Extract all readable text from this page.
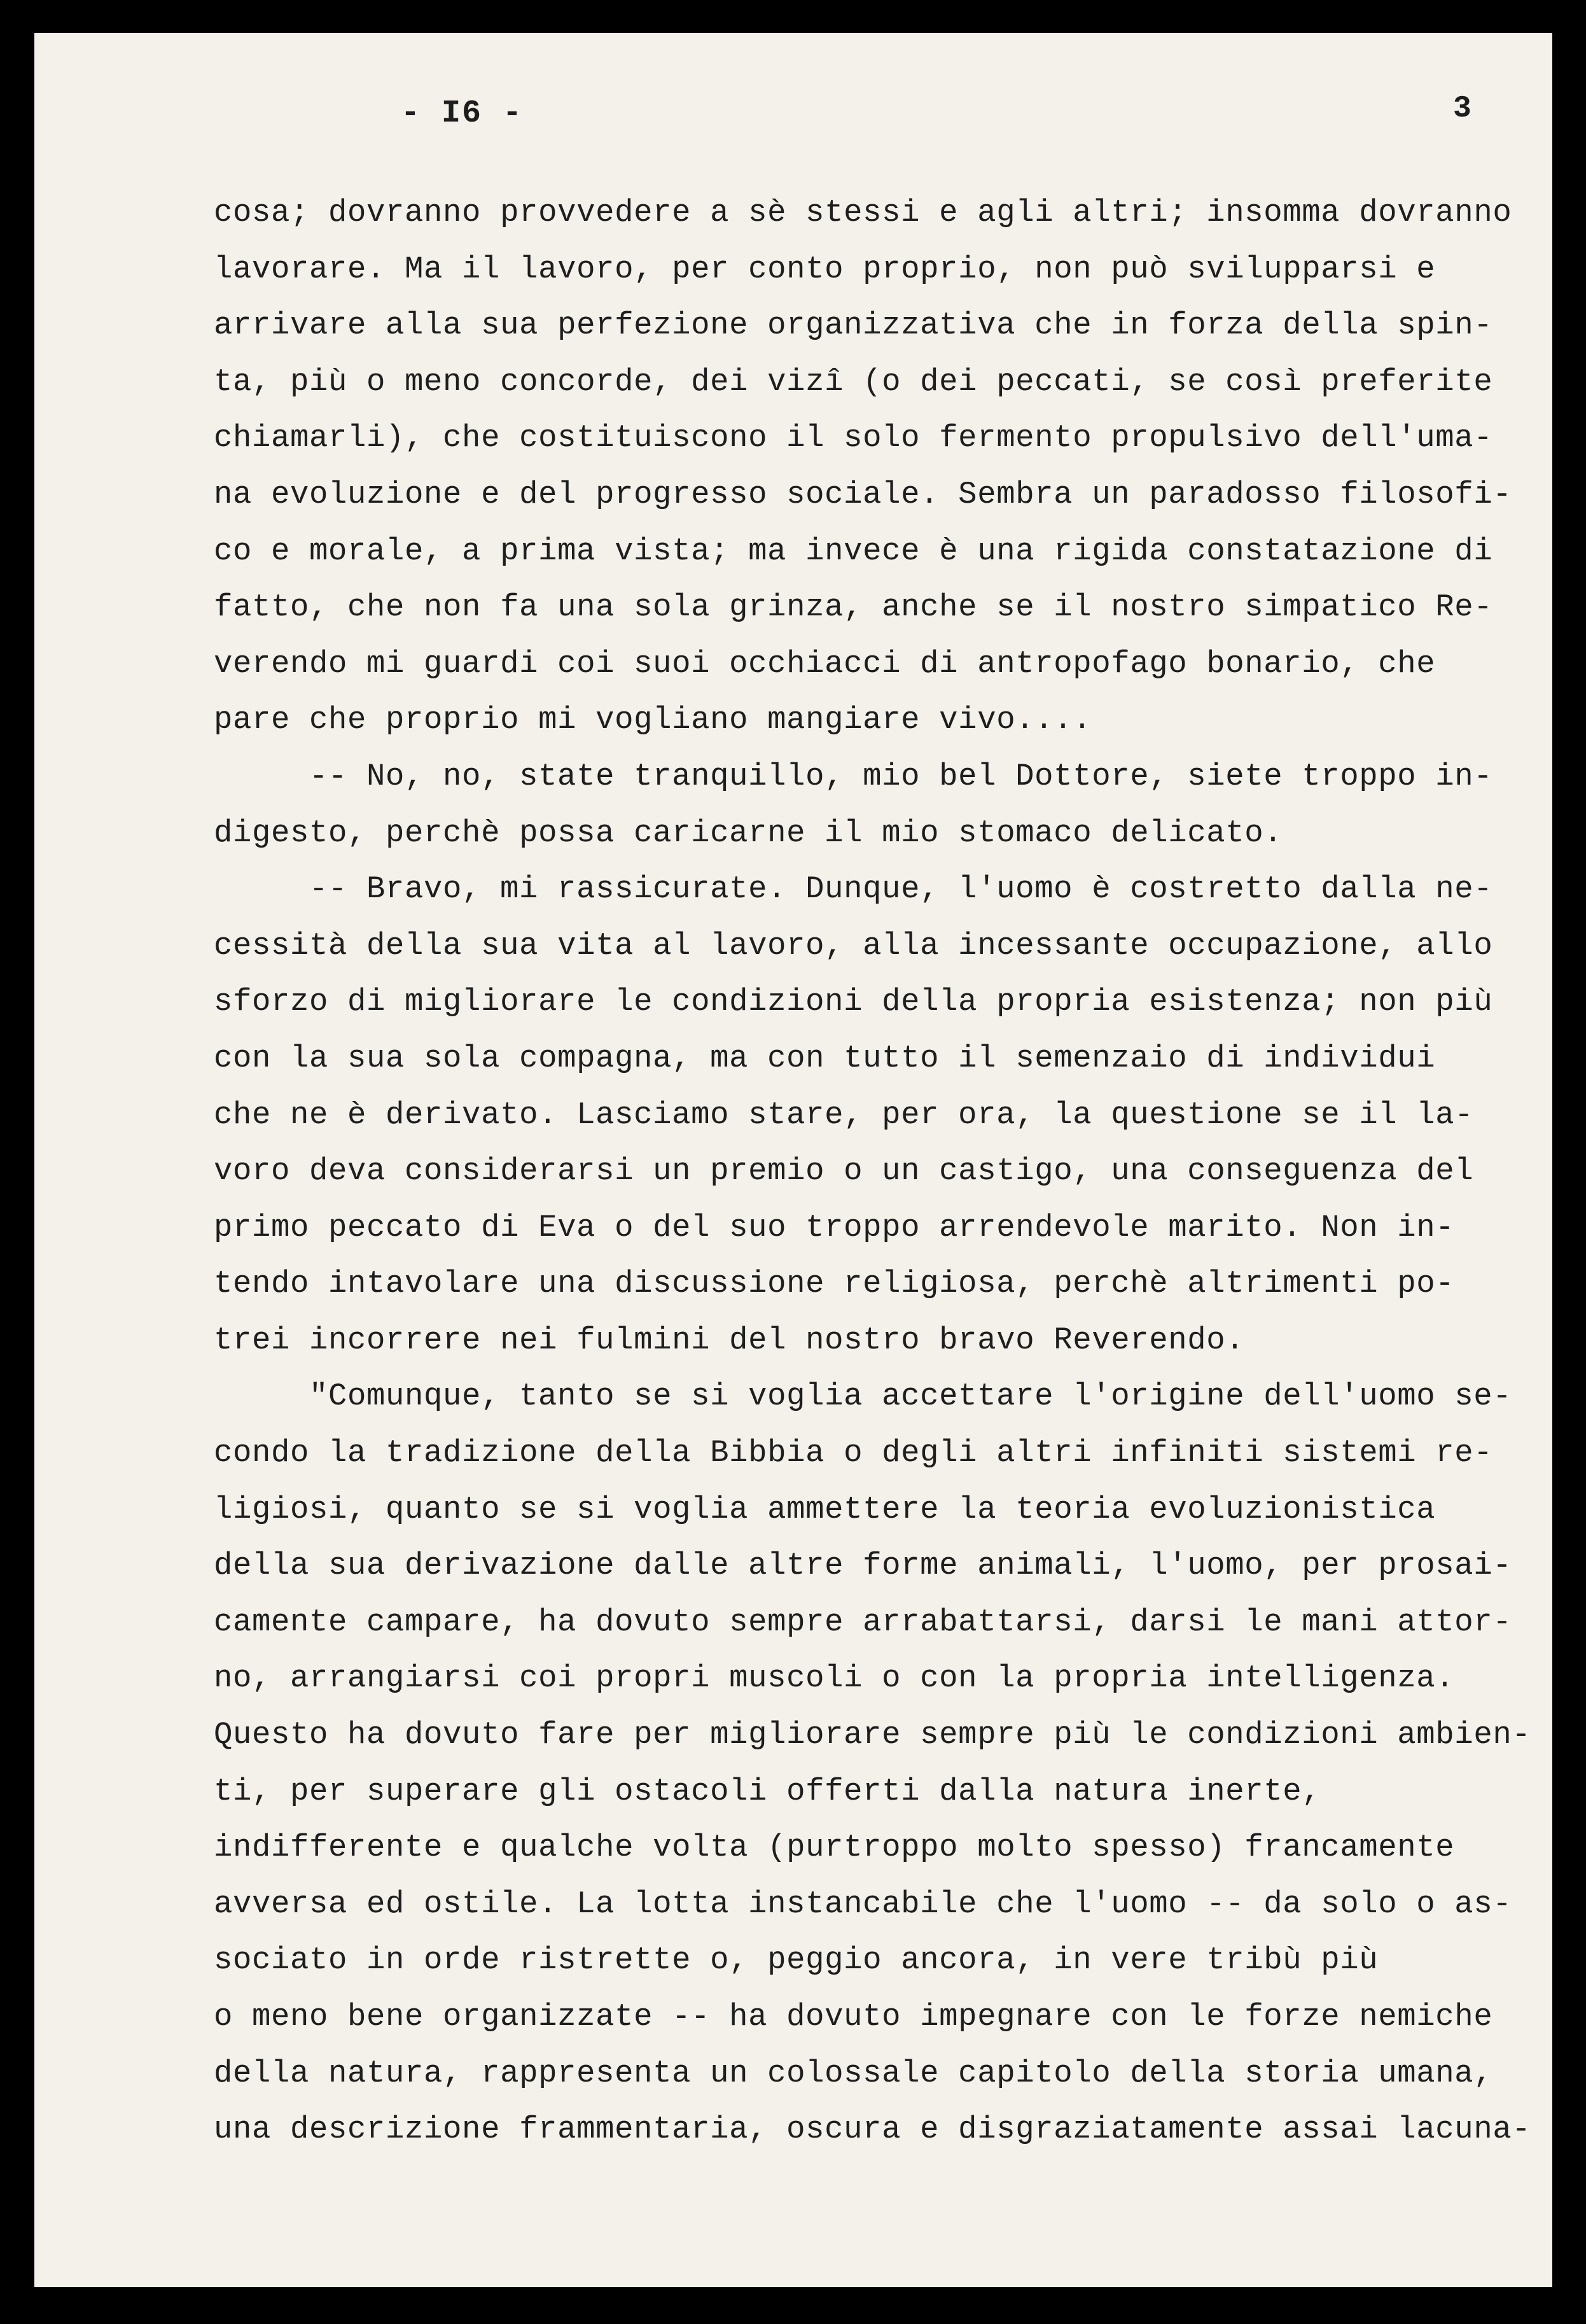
- I6 -	3
cosa; dovranno provvedere a sè stessi e agli altri; insomma dovranno
lavorare. Ma il lavoro, per conto proprio, non può svilupparsi e
arrivare alla sua perfezione organizzativa che in forza della spin-
ta, più o meno concorde, dei vizî (o dei peccati, se così preferite
chiamarli), che costituiscono il solo fermento propulsivo dell'uma-
na evoluzione e del progresso sociale. Sembra un paradosso filosofi-
co e morale, a prima vista; ma invece è una rigida constatazione di
fatto, che non fa una sola grinza, anche se il nostro simpatico Re-
verendo mi guardi coi suoi occhiacci di antropofago bonario, che
pare che proprio mi vogliano mangiare vivo....
-- No, no, state tranquillo, mio bel Dottore, siete troppo in-
digesto, perchè possa caricarne il mio stomaco delicato.
-- Bravo, mi rassicurate. Dunque, l'uomo è costretto dalla ne-
cessità della sua vita al lavoro, alla incessante occupazione, allo
sforzo di migliorare le condizioni della propria esistenza; non più
con la sua sola compagna, ma con tutto il semenzaio di individui
che ne è derivato. Lasciamo stare, per ora, la questione se il la-
voro deva considerarsi un premio o un castigo, una conseguenza del
primo peccato di Eva o del suo troppo arrendevole marito. Non in-
tendo intavolare una discussione religiosa, perchè altrimenti po-
trei incorrere nei fulmini del nostro bravo Reverendo.
"Comunque, tanto se si voglia accettare l'origine dell'uomo se-
condo la tradizione della Bibbia o degli altri infiniti sistemi re-
ligiosi, quanto se si voglia ammettere la teoria evoluzionistica
della sua derivazione dalle altre forme animali, l'uomo, per prosai-
camente campare, ha dovuto sempre arrabattarsi, darsi le mani attor-
no, arrangiarsi coi propri muscoli o con la propria intelligenza.
Questo ha dovuto fare per migliorare sempre più le condizioni ambien-
ti, per superare gli ostacoli offerti dalla natura inerte,
indifferente e qualche volta (purtroppo molto spesso) francamente
avversa ed ostile. La lotta instancabile che l'uomo -- da solo o as-
sociato in orde ristrette o, peggio ancora, in vere tribù più
o meno bene organizzate -- ha dovuto impegnare con le forze nemiche
della natura, rappresenta un colossale capitolo della storia umana,
una descrizione frammentaria, oscura e disgraziatamente assai lacuna-
